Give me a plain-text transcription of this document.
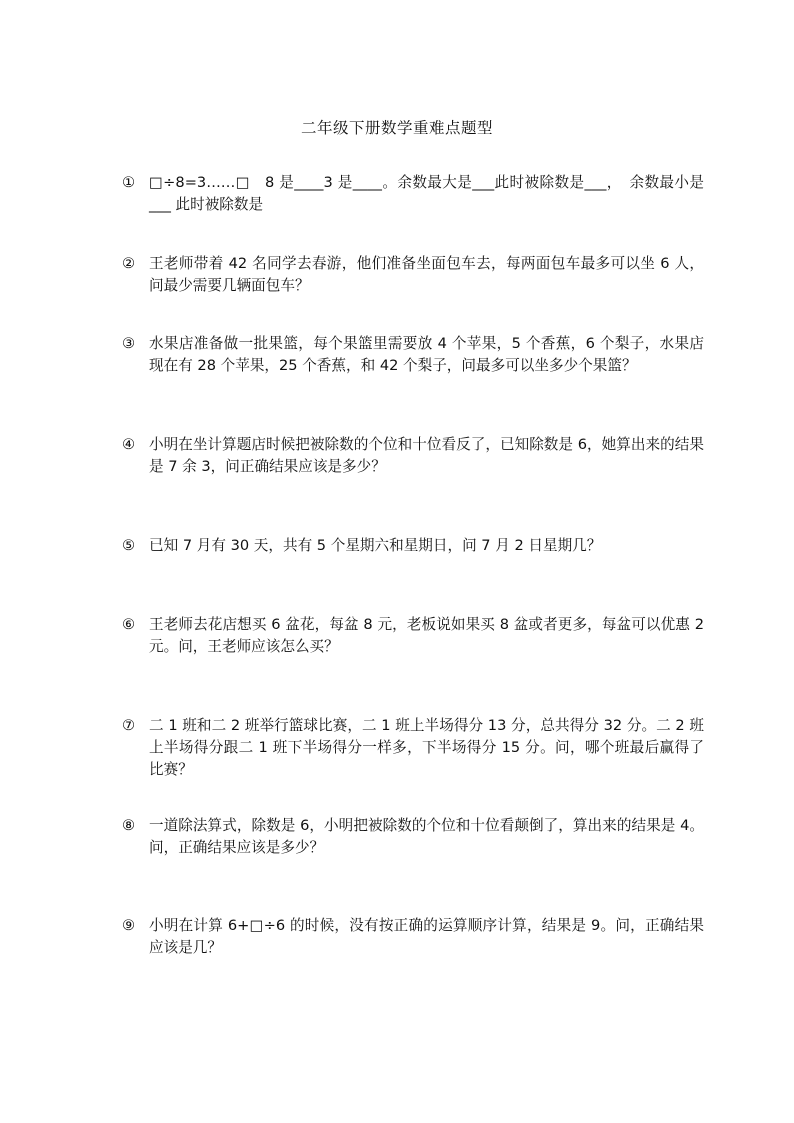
二年级下册数学重难点题型
① □÷8=3……□　8 是____3 是____。余数最大是___此时被除数是___，　余数最小是___ 此时被除数是
② 王老师带着 42 名同学去春游，他们准备坐面包车去，每两面包车最多可以坐 6 人，问最少需要几辆面包车？
③ 水果店准备做一批果篮，每个果篮里需要放 4 个苹果，5 个香蕉，6 个梨子，水果店现在有 28 个苹果，25 个香蕉，和 42 个梨子，问最多可以坐多少个果篮？
④ 小明在坐计算题店时候把被除数的个位和十位看反了，已知除数是 6，她算出来的结果是 7 余 3，问正确结果应该是多少？
⑤ 已知 7 月有 30 天，共有 5 个星期六和星期日，问 7 月 2 日星期几？
⑥ 王老师去花店想买 6 盆花，每盆 8 元，老板说如果买 8 盆或者更多，每盆可以优惠 2 元。问，王老师应该怎么买？
⑦ 二 1 班和二 2 班举行篮球比赛，二 1 班上半场得分 13 分，总共得分 32 分。二 2 班上半场得分跟二 1 班下半场得分一样多，下半场得分 15 分。问，哪个班最后赢得了比赛？
⑧ 一道除法算式，除数是 6，小明把被除数的个位和十位看颠倒了，算出来的结果是 4。问，正确结果应该是多少？
⑨ 小明在计算 6+□÷6 的时候，没有按正确的运算顺序计算，结果是 9。问，正确结果应该是几？
